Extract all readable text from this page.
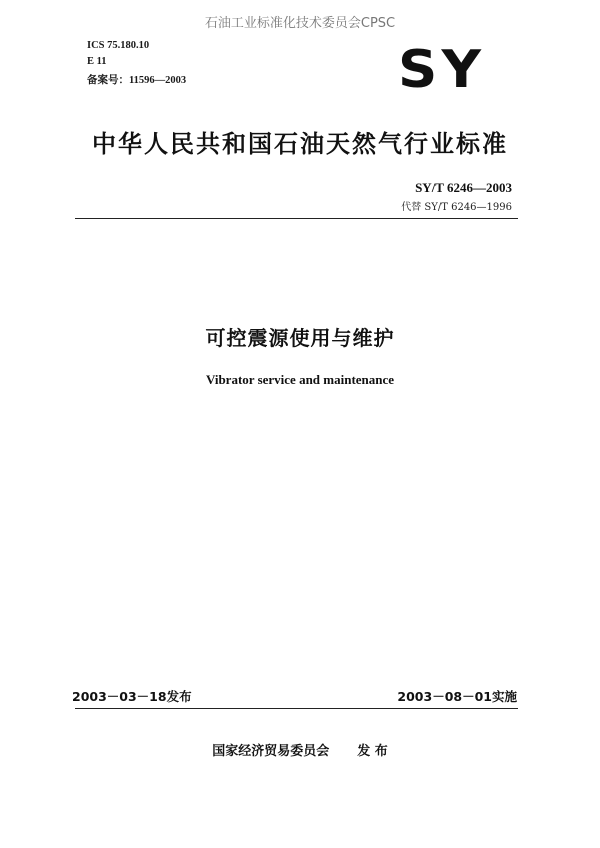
石油工业标准化技术委员会CPSC
ICS 75.180.10
E 11
备案号：11596—2003	SY
中华人民共和国石油天然气行业标准
SY/T 6246—2003
代替 SY/T 6246—1996
可控震源使用与维护
Vibrator service and maintenance
2003－03－18发布	2003－08－01实施
国家经济贸易委员会 发 布
